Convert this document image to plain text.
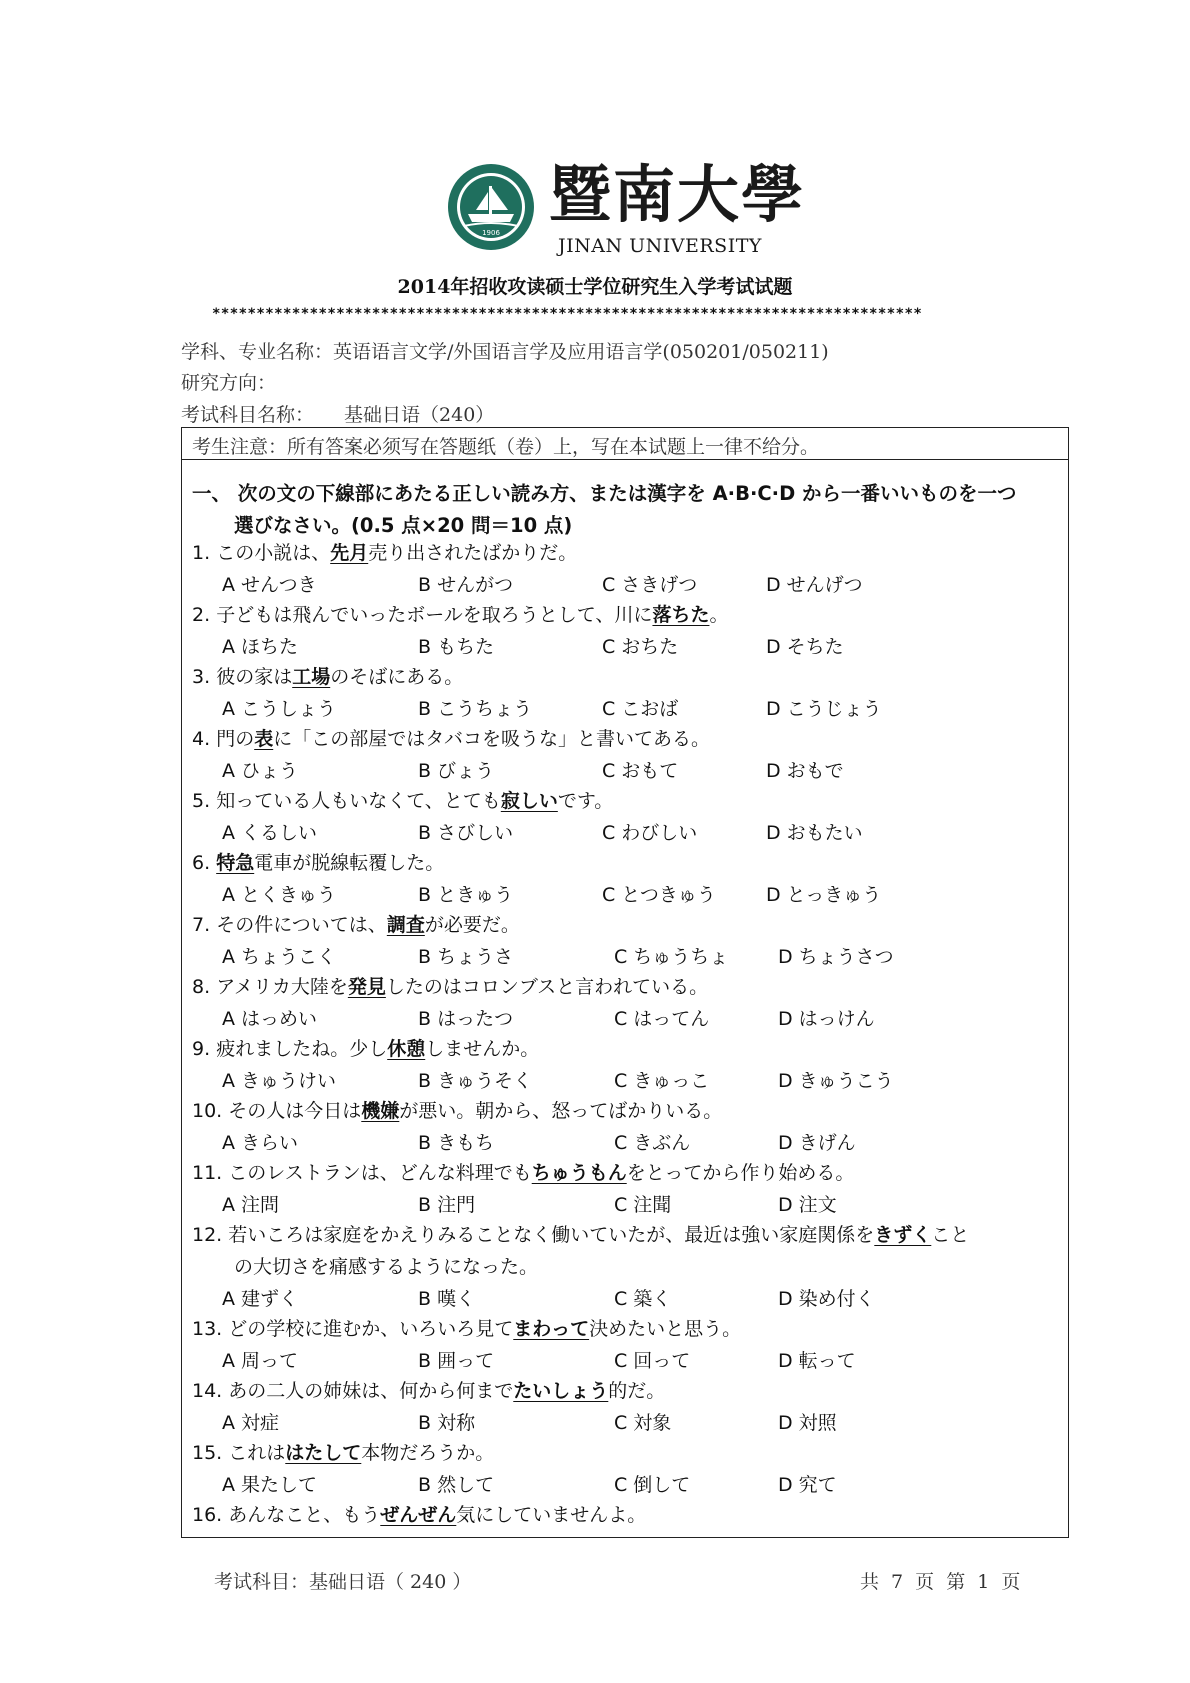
1906
暨南大學
JINAN UNIVERSITY
2014年招收攻读硕士学位研究生入学考试试题
********************************************************************************
学科、专业名称：英语语言文学/外国语言学及应用语言学(050201/050211)
研究方向：
考试科目名称： 基础日语（240）
考生注意：所有答案必须写在答题纸（卷）上，写在本试题上一律不给分。
一、 次の文の下線部にあたる正しい読み方、または漢字を A·B·C·D から一番いいものを一つ
選びなさい。(0.5 点×20 問＝10 点)
1. この小説は、先月売り出されたばかりだ。
A せんつき	B せんがつ	C さきげつ	D せんげつ
2. 子どもは飛んでいったボールを取ろうとして、川に落ちた。
A ほちた	B もちた	C おちた	D そちた
3. 彼の家は工場のそばにある。
A こうしょう	B こうちょう	C こおば	D こうじょう
4. 門の表に「この部屋ではタバコを吸うな」と書いてある。
A ひょう	B びょう	C おもて	D おもで
5. 知っている人もいなくて、とても寂しいです。
A くるしい	B さびしい	C わびしい	D おもたい
6. 特急電車が脱線転覆した。
A とくきゅう	B ときゅう	C とつきゅう	D とっきゅう
7. その件については、調査が必要だ。
A ちょうこく	B ちょうさ	C ちゅうちょ	D ちょうさつ
8. アメリカ大陸を発見したのはコロンブスと言われている。
A はっめい	B はったつ	C はってん	D はっけん
9. 疲れましたね。少し休憩しませんか。
A きゅうけい	B きゅうそく	C きゅっこ	D きゅうこう
10. その人は今日は機嫌が悪い。朝から、怒ってばかりいる。
A きらい	B きもち	C きぶん	D きげん
11. このレストランは、どんな料理でもちゅうもんをとってから作り始める。
A 注問	B 注門	C 注聞	D 注文
12. 若いころは家庭をかえりみることなく働いていたが、最近は強い家庭関係をきずくこと
の大切さを痛感するようになった。
A 建ずく	B 嘆く	C 築く	D 染め付く
13. どの学校に進むか、いろいろ見てまわって決めたいと思う。
A 周って	B 囲って	C 回って	D 転って
14. あの二人の姉妹は、何から何までたいしょう的だ。
A 対症	B 対称	C 対象	D 対照
15. これははたして本物だろうか。
A 果たして	B 然して	C 倒して	D 究て
16. あんなこと、もうぜんぜん気にしていませんよ。
考试科目：基础日语（ 240 ）	共 7 页 第 1 页
